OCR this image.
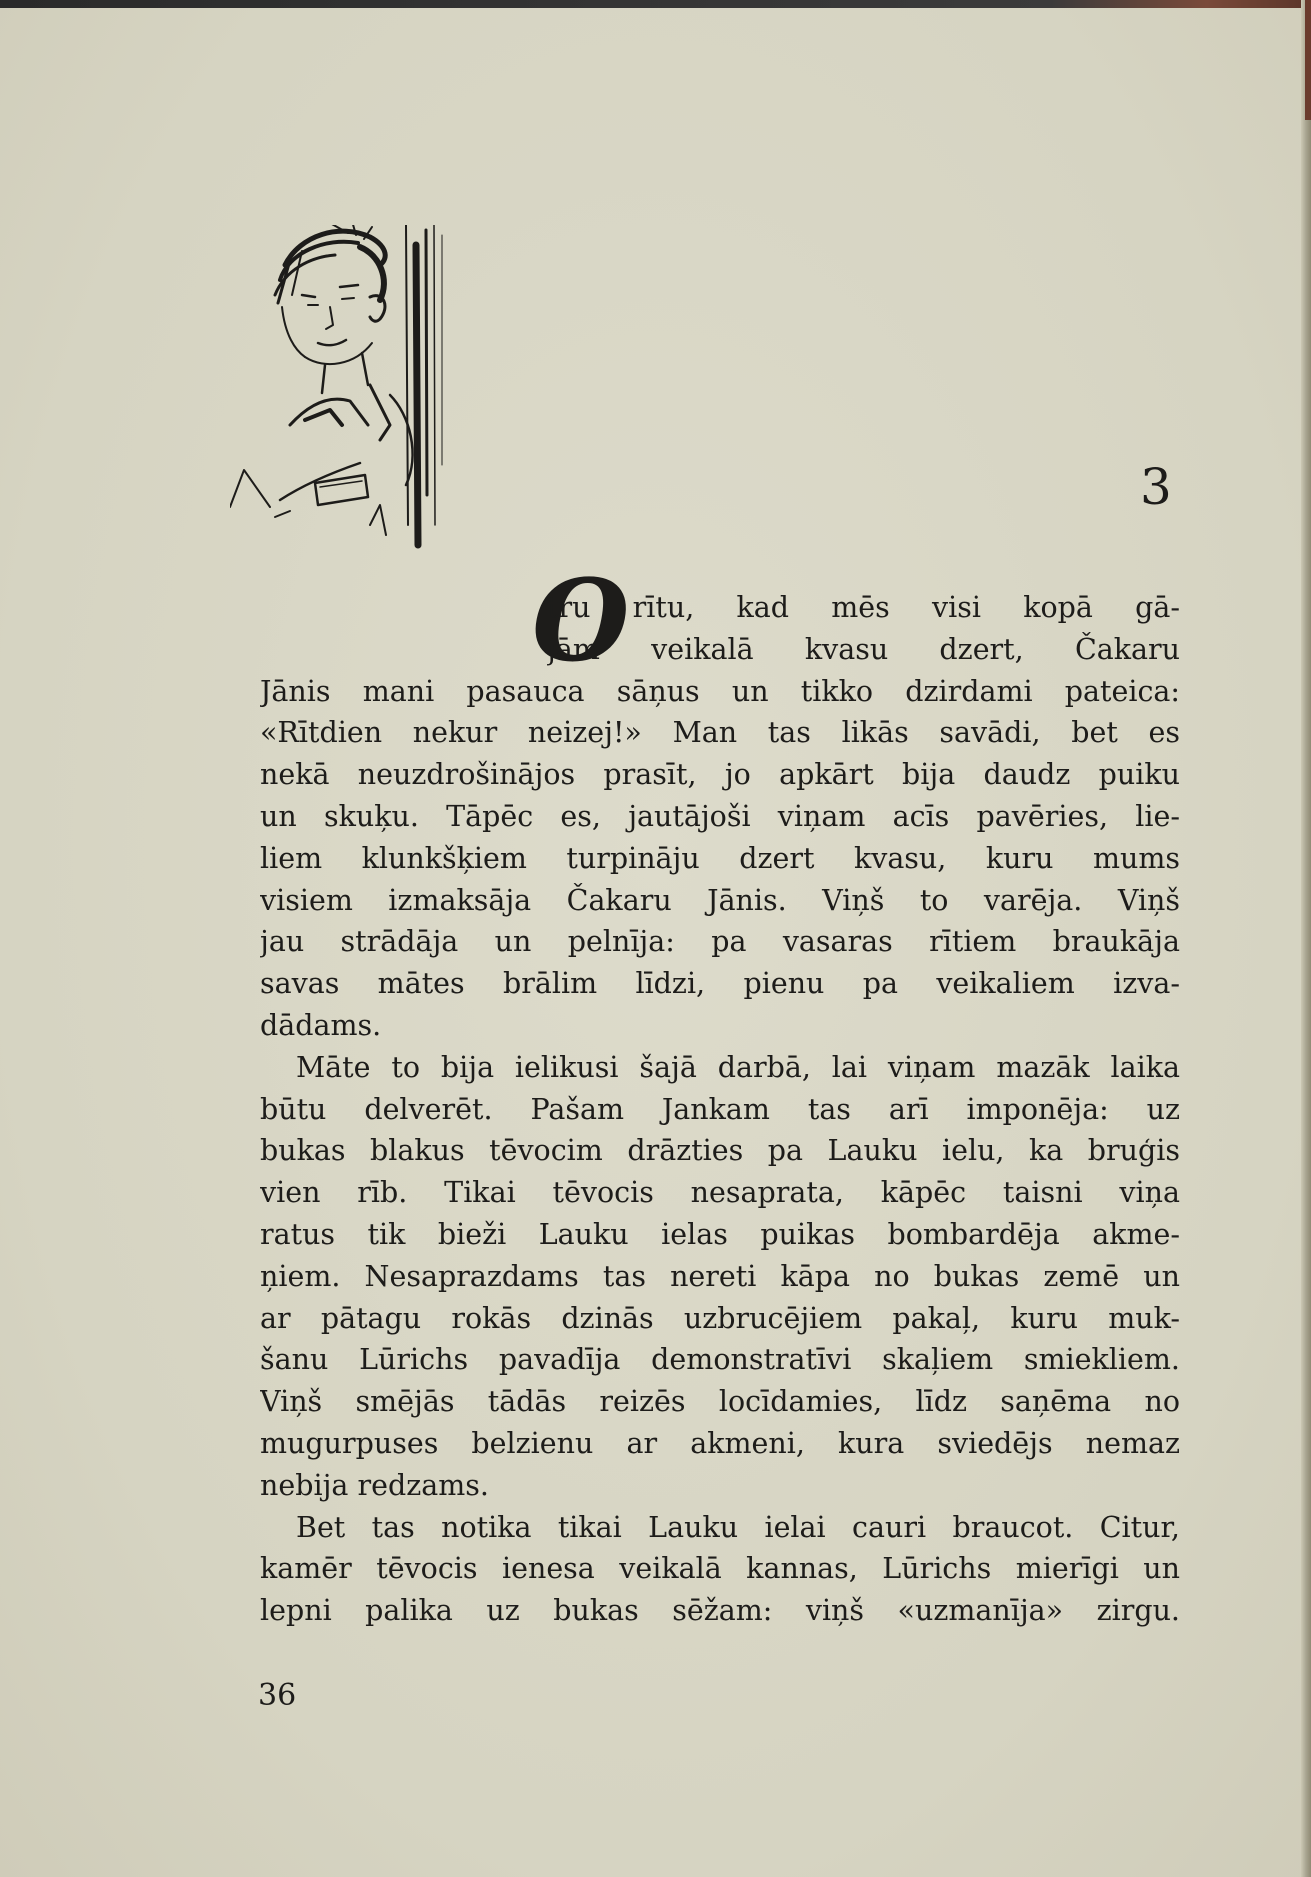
3
O
tru rītu, kad mēs visi kopā gā-
jām veikalā kvasu dzert, Čakaru
Jānis mani pasauca sāņus un tikko dzirdami pateica:
«Rītdien nekur neizej!» Man tas likās savādi, bet es
nekā neuzdrošinājos prasīt, jo apkārt bija daudz puiku
un skuķu. Tāpēc es, jautājoši viņam acīs pavēries, lie-
liem klunkšķiem turpināju dzert kvasu, kuru mums
visiem izmaksāja Čakaru Jānis. Viņš to varēja. Viņš
jau strādāja un pelnīja: pa vasaras rītiem braukāja
savas mātes brālim līdzi, pienu pa veikaliem izva-
dādams.
Māte to bija ielikusi šajā darbā, lai viņam mazāk laika
būtu delverēt. Pašam Jankam tas arī imponēja: uz
bukas blakus tēvocim drāzties pa Lauku ielu, ka bruģis
vien rīb. Tikai tēvocis nesaprata, kāpēc taisni viņa
ratus tik bieži Lauku ielas puikas bombardēja akme-
ņiem. Nesaprazdams tas nereti kāpa no bukas zemē un
ar pātagu rokās dzinās uzbrucējiem pakaļ, kuru muk-
šanu Lūrichs pavadīja demonstratīvi skaļiem smiekliem.
Viņš smējās tādās reizēs locīdamies, līdz saņēma no
mugurpuses belzienu ar akmeni, kura sviedējs nemaz
nebija redzams.
Bet tas notika tikai Lauku ielai cauri braucot. Citur,
kamēr tēvocis ienesa veikalā kannas, Lūrichs mierīgi un
lepni palika uz bukas sēžam: viņš «uzmanīja» zirgu.
36
